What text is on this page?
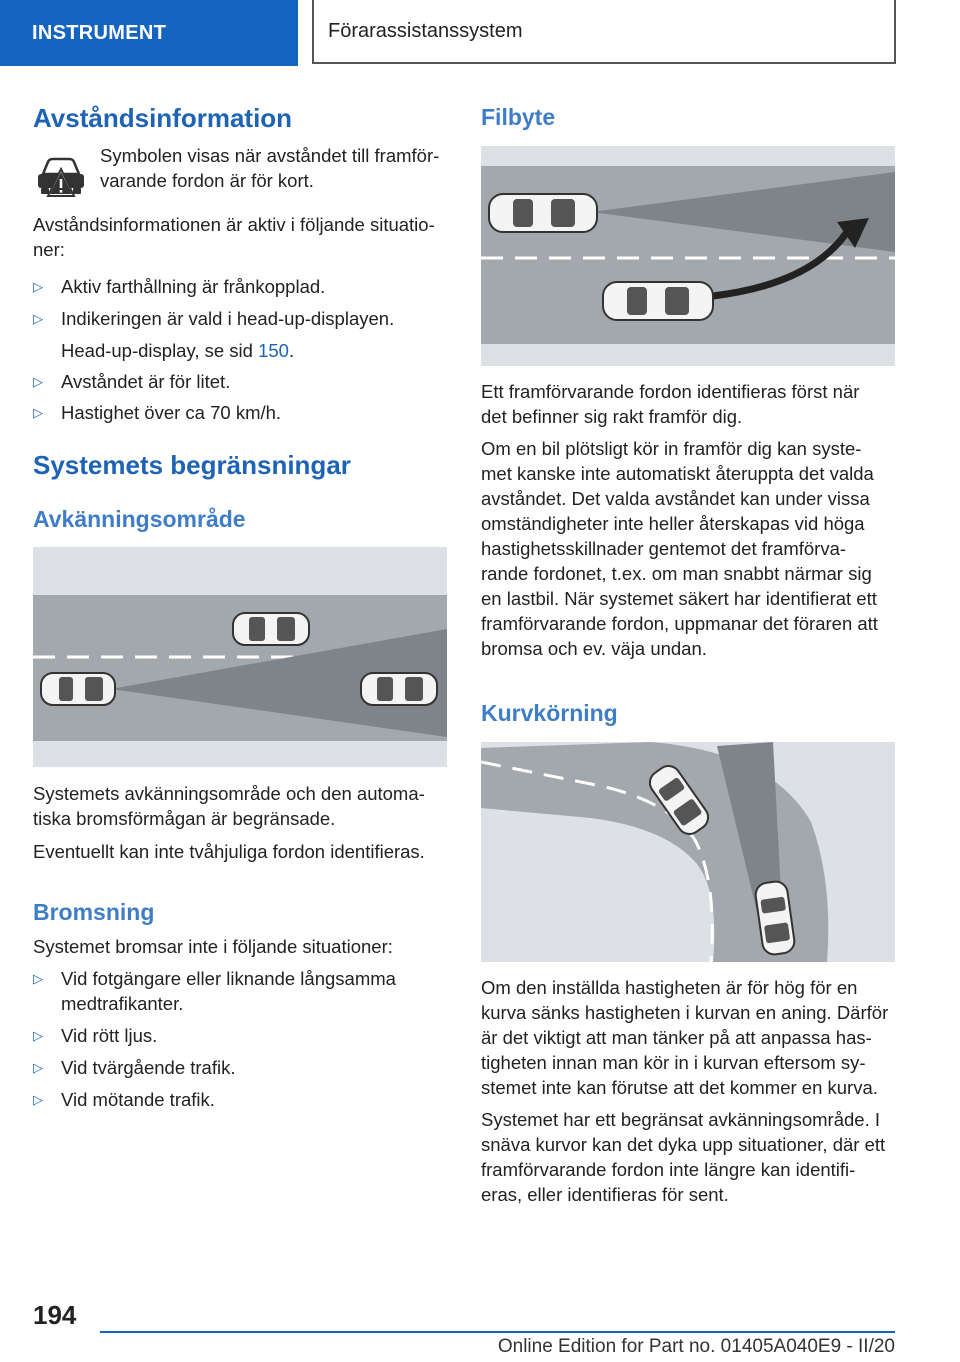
INSTRUMENT	Förarassistanssystem
Avståndsinformation

Symbolen visas när avståndet till framför-
varande fordon är för kort.

Avståndsinformationen är aktiv i följande situatio-
ner:

▷ Aktiv farthållning är frånkopplad.
▷ Indikeringen är vald i head-up-displayen.
Head-up-display, se sid 150.
▷ Avståndet är för litet.
▷ Hastighet över ca 70 km/h.
Systemets begränsningar
Avkänningsområde

Systemets avkänningsområde och den automa-
tiska bromsförmågan är begränsade.

Eventuellt kan inte tvåhjuliga fordon identifieras.

Bromsning

Systemet bromsar inte i följande situationer:

▷ Vid fotgängare eller liknande långsamma
medtrafikanter.
▷ Vid rött ljus.
▷ Vid tvärgående trafik.
▷ Vid mötande trafik.
Filbyte

Ett framförvarande fordon identifieras först när
det befinner sig rakt framför dig.

Om en bil plötsligt kör in framför dig kan syste-
met kanske inte automatiskt återuppta det valda
avståndet. Det valda avståndet kan under vissa
omständigheter inte heller återskapas vid höga
hastighetsskillnader gentemot det framförva-
rande fordonet, t.ex. om man snabbt närmar sig
en lastbil. När systemet säkert har identifierat ett
framförvarande fordon, uppmanar det föraren att
bromsa och ev. väja undan.

Kurvkörning

Om den inställda hastigheten är för hög för en
kurva sänks hastigheten i kurvan en aning. Därför
är det viktigt att man tänker på att anpassa has-
tigheten innan man kör in i kurvan eftersom sy-
stemet inte kan förutse att det kommer en kurva.

Systemet har ett begränsat avkänningsområde. I
snäva kurvor kan det dyka upp situationer, där ett
framförvarande fordon inte längre kan identifi-
eras, eller identifieras för sent.

194
Online Edition for Part no. 01405A040E9 - II/20
